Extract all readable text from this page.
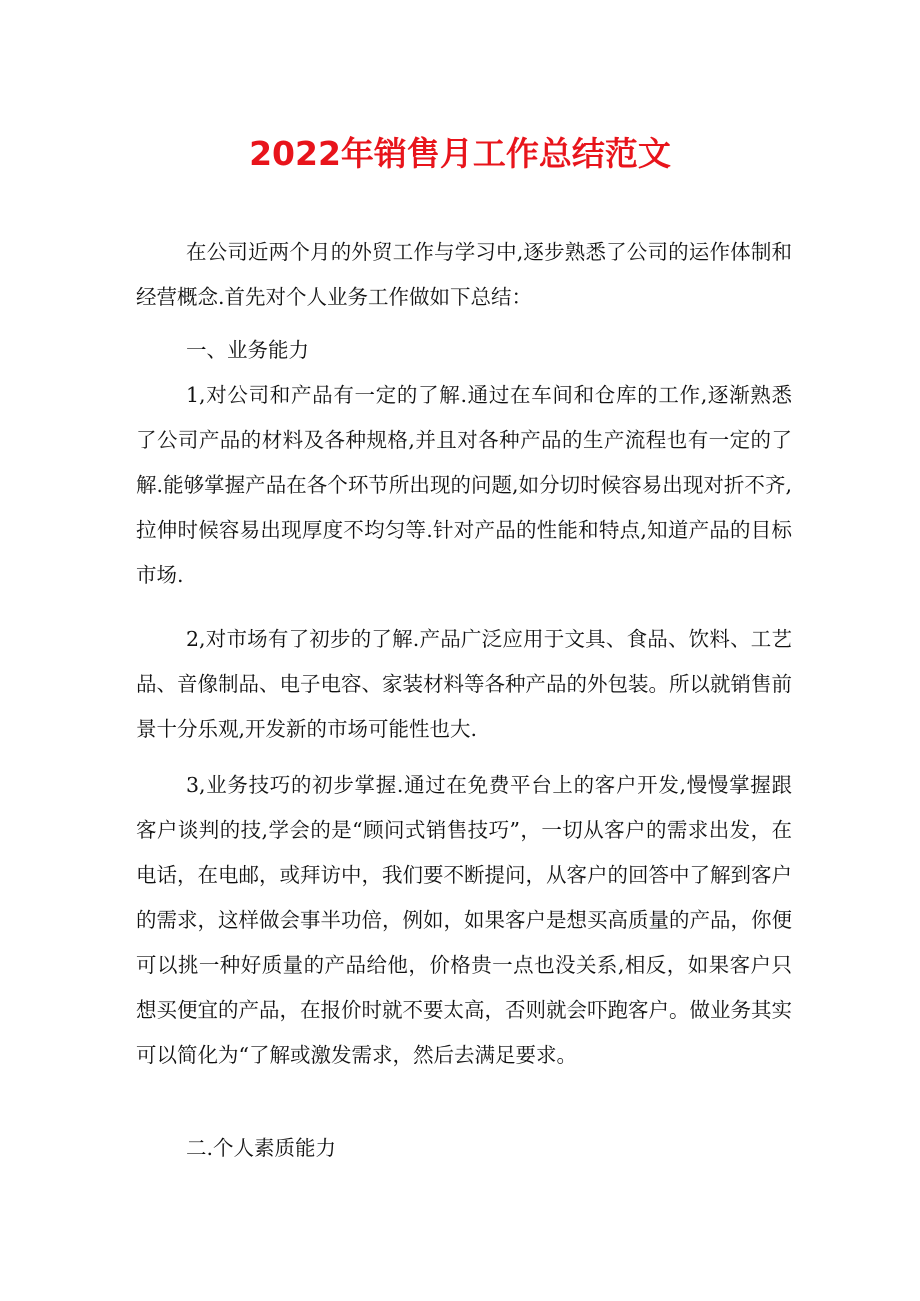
2022年销售月工作总结范文

在公司近两个月的外贸工作与学习中,逐步熟悉了公司的运作体制和经营概念.首先对个人业务工作做如下总结：

一、业务能力

1,对公司和产品有一定的了解.通过在车间和仓库的工作,逐渐熟悉了公司产品的材料及各种规格,并且对各种产品的生产流程也有一定的了解.能够掌握产品在各个环节所出现的问题,如分切时候容易出现对折不齐,拉伸时候容易出现厚度不均匀等.针对产品的性能和特点,知道产品的目标市场.

2,对市场有了初步的了解.产品广泛应用于文具、食品、饮料、工艺品、音像制品、电子电容、家装材料等各种产品的外包装。所以就销售前景十分乐观,开发新的市场可能性也大.

3,业务技巧的初步掌握.通过在免费平台上的客户开发,慢慢掌握跟客户谈判的技,学会的是“顾问式销售技巧”，一切从客户的需求出发，在电话，在电邮，或拜访中，我们要不断提问，从客户的回答中了解到客户的需求，这样做会事半功倍，例如，如果客户是想买高质量的产品，你便可以挑一种好质量的产品给他，价格贵一点也没关系,相反，如果客户只想买便宜的产品，在报价时就不要太高，否则就会吓跑客户。做业务其实可以简化为“了解或激发需求，然后去满足要求。

二.个人素质能力
